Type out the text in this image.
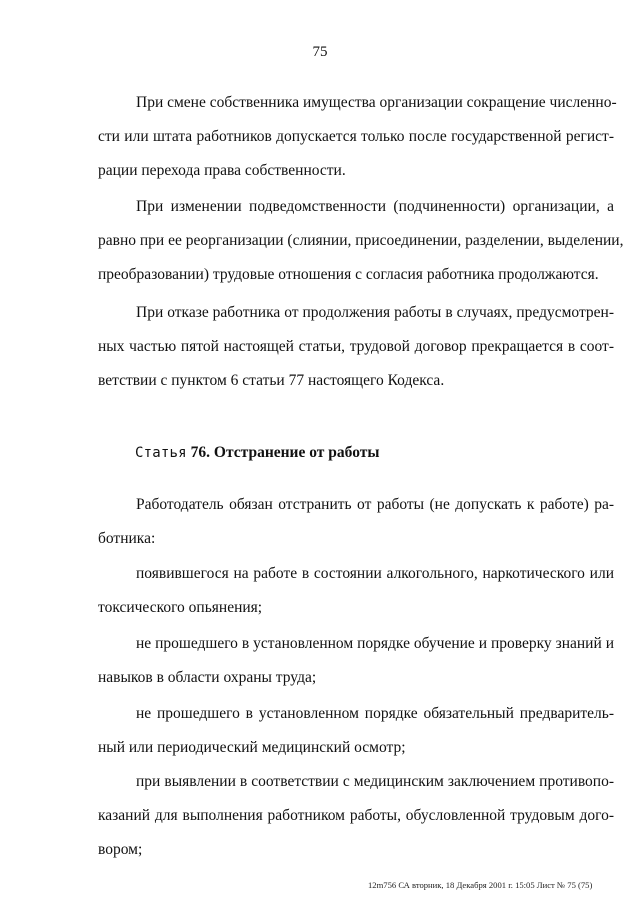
75

При смене собственника имущества организации сокращение численно-
сти или штата работников допускается только после государственной регист-
рации перехода права собственности.

При изменении подведомственности (подчиненности) организации, а
равно при ее реорганизации (слиянии, присоединении, разделении, выделении,
преобразовании) трудовые отношения с согласия работника продолжаются.

При отказе работника от продолжения работы в случаях, предусмотрен-
ных частью пятой настоящей статьи, трудовой договор прекращается в соот-
ветствии с пунктом 6 статьи 77 настоящего Кодекса.

Статья 76. Отстранение от работы

Работодатель обязан отстранить от работы (не допускать к работе) ра-
ботника:

появившегося на работе в состоянии алкогольного, наркотического или
токсического опьянения;

не прошедшего в установленном порядке обучение и проверку знаний и
навыков в области охраны труда;

не прошедшего в установленном порядке обязательный предваритель-
ный или периодический медицинский осмотр;

при выявлении в соответствии с медицинским заключением противопо-
казаний для выполнения работником работы, обусловленной трудовым дого-
вором;

12m756 СА вторник, 18 Декабря 2001 г. 15:05 Лист № 75 (75)
